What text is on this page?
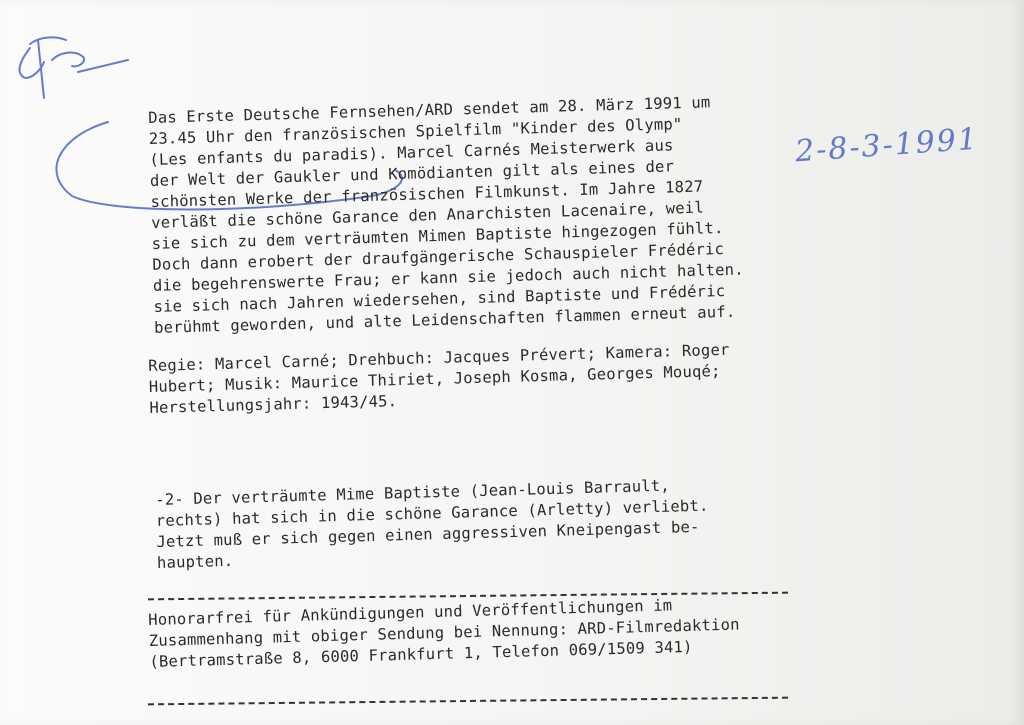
2-8-3-1991

Das Erste Deutsche Fernsehen/ARD sendet am 28. März 1991 um
23.45 Uhr den französischen Spielfilm "Kinder des Olymp"
(Les enfants du paradis). Marcel Carnés Meisterwerk aus
der Welt der Gaukler und Komödianten gilt als eines der
schönsten Werke der französischen Filmkunst. Im Jahre 1827
verläßt die schöne Garance den Anarchisten Lacenaire, weil
sie sich zu dem verträumten Mimen Baptiste hingezogen fühlt.
Doch dann erobert der draufgängerische Schauspieler Frédéric
die begehrenswerte Frau; er kann sie jedoch auch nicht halten.
sie sich nach Jahren wiedersehen, sind Baptiste und Frédéric
berühmt geworden, und alte Leidenschaften flammen erneut auf.

Regie: Marcel Carné; Drehbuch: Jacques Prévert; Kamera: Roger
Hubert; Musik: Maurice Thiriet, Joseph Kosma, Georges Mouqé;
Herstellungsjahr: 1943/45.

-2- Der verträumte Mime Baptiste (Jean-Louis Barrault,
rechts) hat sich in die schöne Garance (Arletty) verliebt.
Jetzt muß er sich gegen einen aggressiven Kneipengast be-
haupten.

Honorarfrei für Ankündigungen und Veröffentlichungen im
Zusammenhang mit obiger Sendung bei Nennung: ARD-Filmredaktion
(Bertramstraße 8, 6000 Frankfurt 1, Telefon 069/1509 341)
